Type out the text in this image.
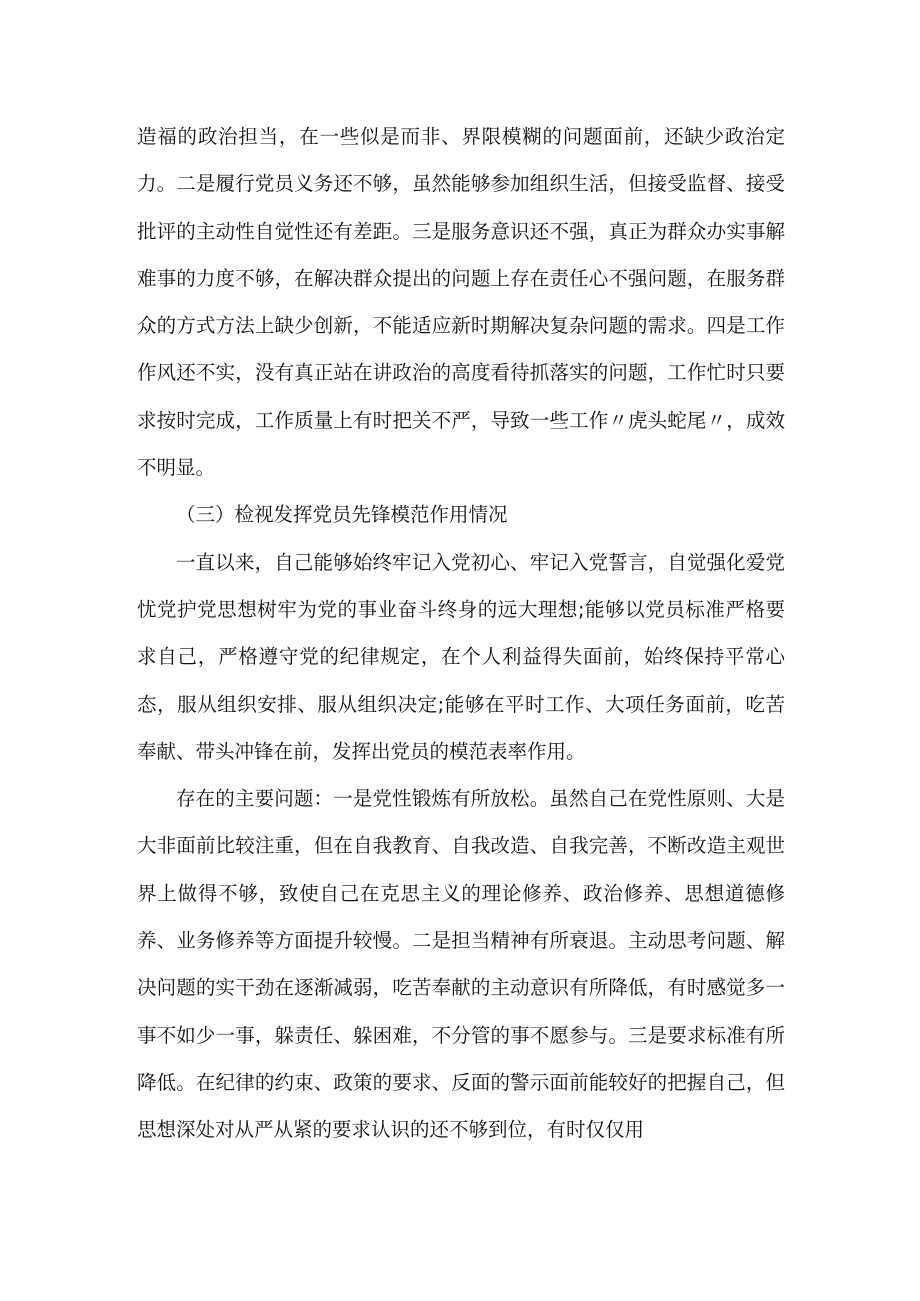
造福的政治担当，在一些似是而非、界限模糊的问题面前，还缺少政治定力。二是履行党员义务还不够，虽然能够参加组织生活，但接受监督、接受批评的主动性自觉性还有差距。三是服务意识还不强，真正为群众办实事解难事的力度不够，在解决群众提出的问题上存在责任心不强问题，在服务群众的方式方法上缺少创新，不能适应新时期解决复杂问题的需求。四是工作作风还不实，没有真正站在讲政治的高度看待抓落实的问题，工作忙时只要求按时完成，工作质量上有时把关不严，导致一些工作〃虎头蛇尾〃，成效不明显。

（三）检视发挥党员先锋模范作用情况

一直以来，自己能够始终牢记入党初心、牢记入党誓言，自觉强化爱党忧党护党思想树牢为党的事业奋斗终身的远大理想;能够以党员标准严格要求自己，严格遵守党的纪律规定，在个人利益得失面前，始终保持平常心态，服从组织安排、服从组织决定;能够在平时工作、大项任务面前，吃苦奉献、带头冲锋在前，发挥出党员的模范表率作用。

存在的主要问题：一是党性锻炼有所放松。虽然自己在党性原则、大是大非面前比较注重，但在自我教育、自我改造、自我完善，不断改造主观世界上做得不够，致使自己在克思主义的理论修养、政治修养、思想道德修养、业务修养等方面提升较慢。二是担当精神有所衰退。主动思考问题、解决问题的实干劲在逐渐减弱，吃苦奉献的主动意识有所降低，有时感觉多一事不如少一事，躲责任、躲困难，不分管的事不愿参与。三是要求标准有所降低。在纪律的约束、政策的要求、反面的警示面前能较好的把握自己，但思想深处对从严从紧的要求认识的还不够到位，有时仅仅用
